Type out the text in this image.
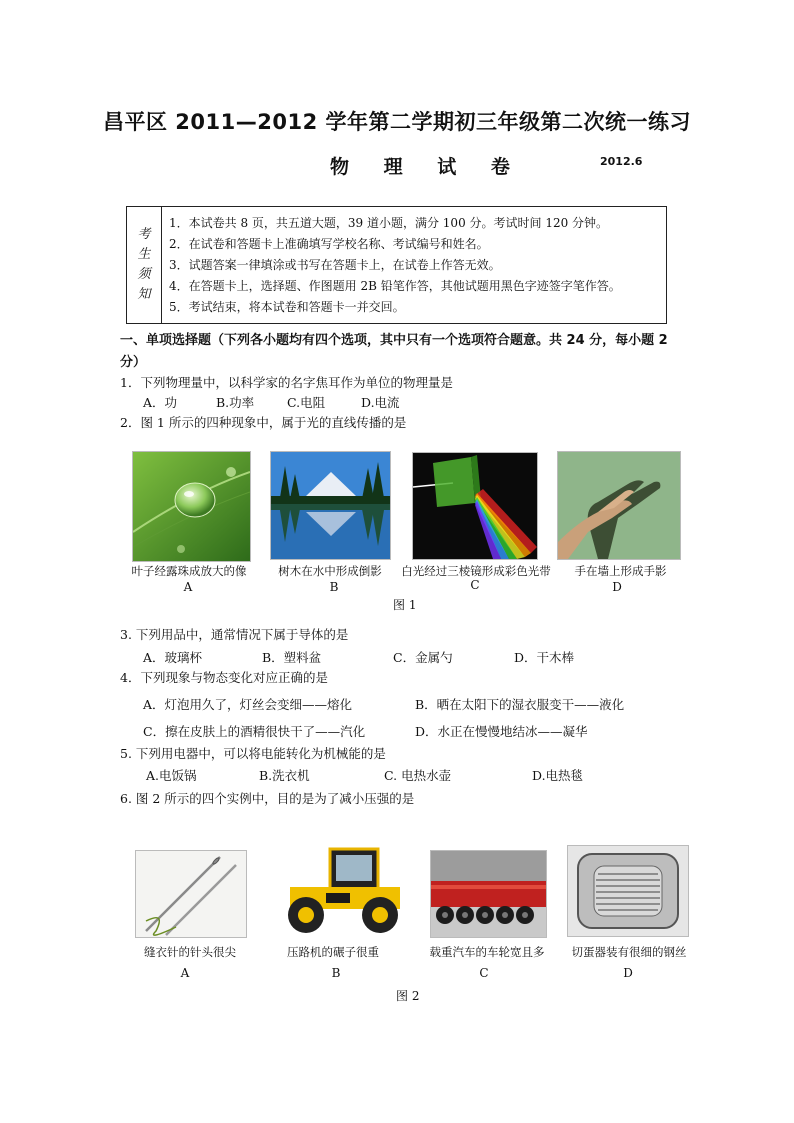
昌平区 2011—2012 学年第二学期初三年级第二次统一练习
物 理 试 卷	2012.6
考
生
须
知
1．本试卷共 8 页，共五道大题，39 道小题，满分 100 分。考试时间 120 分钟。
2．在试卷和答题卡上准确填写学校名称、考试编号和姓名。
3．试题答案一律填涂或书写在答题卡上，在试卷上作答无效。
4．在答题卡上，选择题、作图题用 2B 铅笔作答，其他试题用黑色字迹签字笔作答。
5．考试结束，将本试卷和答题卡一并交回。
一、单项选择题（下列各小题均有四个选项，其中只有一个选项符合题意。共 24 分，每小题 2 分）
1．下列物理量中，以科学家的名字焦耳作为单位的物理量是
A．功	B.功率	C.电阻	D.电流
2．图 1 所示的四种现象中，属于光的直线传播的是
叶子经露珠成放大的像	树木在水中形成倒影	白光经过三棱镜形成彩色光带	手在墙上形成手影
A	B	C	D
图 1
3. 下列用品中，通常情况下属于导体的是
A．玻璃杯	B．塑料盆	C．金属勺	D．干木棒
4．下列现象与物态变化对应正确的是
A．灯泡用久了，灯丝会变细——熔化	B．晒在太阳下的湿衣服变干——液化
C．擦在皮肤上的酒精很快干了——汽化	D．水正在慢慢地结冰——凝华
5. 下列用电器中，可以将电能转化为机械能的是
A.电饭锅	B.洗衣机	C. 电热水壶	D.电热毯
6. 图 2 所示的四个实例中，目的是为了减小压强的是
缝衣针的针头很尖	压路机的碾子很重	载重汽车的车轮宽且多	切蛋器装有很细的钢丝
A	B	C	D
图 2
